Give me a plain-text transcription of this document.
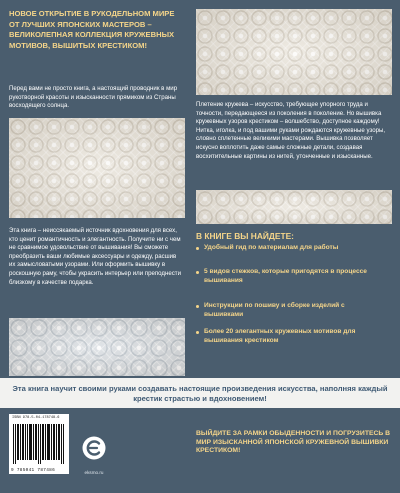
НОВОЕ ОТКРЫТИЕ В РУКОДЕЛЬНОМ МИРЕ ОТ ЛУЧШИХ ЯПОНСКИХ МАСТЕРОВ – ВЕЛИКОЛЕПНАЯ КОЛЛЕКЦИЯ КРУЖЕВНЫХ МОТИВОВ, ВЫШИТЫХ КРЕСТИКОМ!
Перед вами не просто книга, а настоящий проводник в мир рукотворной красоты и изысканности прямиком из Страны восходящего солнца.	Плетение кружева – искусство, требующее упорного труда и точности, передающееся из поколения в поколение. Но вышивка кружевных узоров крестиком – волшебство, доступное каждому! Нитка, иголка, и под вашими руками рождаются кружевные узоры, словно сплетенные великими мастерами. Вышивка позволяет искусно воплотить даже самые сложные детали, создавая восхитительные картины из нитей, утонченные и изысканные.
Эта книга – неиссякаемый источник вдохновения для всех, кто ценит романтичность и элегантность. Получите ни с чем не сравнимое удовольствие от вышивания! Вы сможете преобразить ваши любимые аксессуары и одежду, расшив их замысловатыми узорами. Или оформить вышивку в роскошную раму, чтобы украсить интерьер или преподнести близкому в качестве подарка.
В КНИГЕ ВЫ НАЙДЕТЕ:
Удобный гид по материалам для работы
5 видов стежков, которые пригодятся в процессе вышивания
Инструкции по пошиву и сборке изделий с вышивками
Более 20 элегантных кружевных мотивов для вышивания крестиком
Эта книга научит своими руками создавать настоящие произведения искусства, наполняя каждый крестик страстью и вдохновением!
ISBN 978-5-04-178748-6
9 785041 787486	eksmo.ru
ВЫЙДИТЕ ЗА РАМКИ ОБЫДЕННОСТИ И ПОГРУЗИТЕСЬ В МИР ИЗЫСКАННОЙ ЯПОНСКОЙ КРУЖЕВНОЙ ВЫШИВКИ КРЕСТИКОМ!
